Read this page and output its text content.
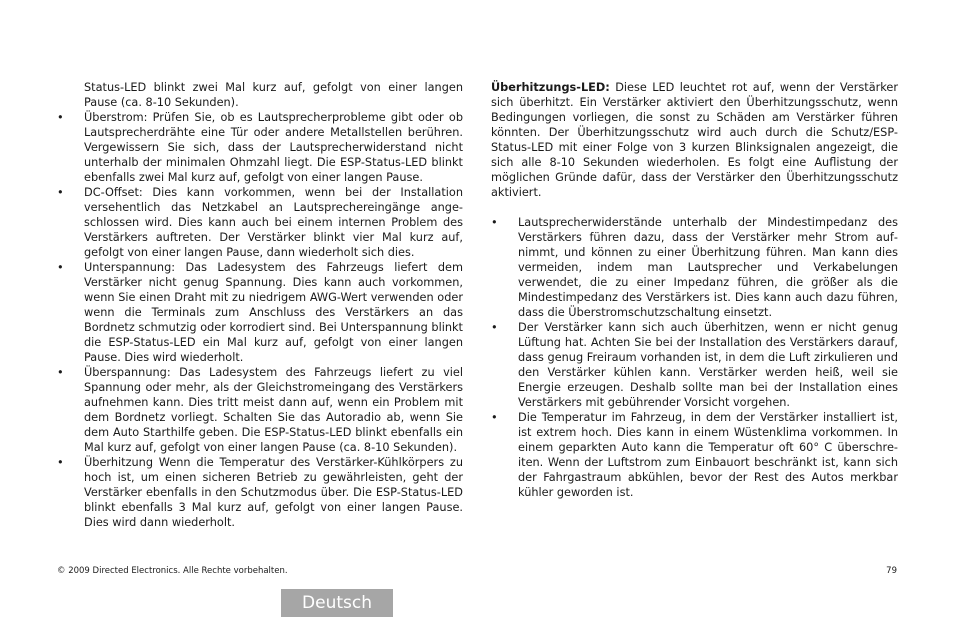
Status-LED blinkt zwei Mal kurz auf, gefolgt von einer langen Pause (ca. 8-10 Sekunden).
• Überstrom: Prüfen Sie, ob es Lautsprecherprobleme gibt oder ob Lautsprecherdrähte eine Tür oder andere Metallstellen berühren. Vergewissern Sie sich, dass der Lautsprecherwiderstand nicht unterhalb der minimalen Ohmzahl liegt. Die ESP-Status-LED blinkt ebenfalls zwei Mal kurz auf, gefolgt von einer langen Pause.
• DC-Offset: Dies kann vorkommen, wenn bei der Installation versehentlich das Netzkabel an Lautsprechereingänge angeschlossen wird. Dies kann auch bei einem internen Problem des Verstärkers auftreten. Der Verstärker blinkt vier Mal kurz auf, gefolgt von einer langen Pause, dann wiederholt sich dies.
• Unterspannung: Das Ladesystem des Fahrzeugs liefert dem Verstärker nicht genug Spannung. Dies kann auch vorkommen, wenn Sie einen Draht mit zu niedrigem AWG-Wert verwenden oder wenn die Terminals zum Anschluss des Verstärkers an das Bordnetz schmutzig oder korrodiert sind. Bei Unterspannung blinkt die ESP-Status-LED ein Mal kurz auf, gefolgt von einer langen Pause. Dies wird wiederholt.
• Überspannung: Das Ladesystem des Fahrzeugs liefert zu viel Spannung oder mehr, als der Gleichstromeingang des Verstärkers aufnehmen kann. Dies tritt meist dann auf, wenn ein Problem mit dem Bordnetz vorliegt. Schalten Sie das Autoradio ab, wenn Sie dem Auto Starthilfe geben. Die ESP-Status-LED blinkt ebenfalls ein Mal kurz auf, gefolgt von einer langen Pause (ca. 8-10 Sekunden).
• Überhitzung Wenn die Temperatur des Verstärker-Kühlkörpers zu hoch ist, um einen sicheren Betrieb zu gewährleisten, geht der Verstärker ebenfalls in den Schutzmodus über. Die ESP-Status-LED blinkt ebenfalls 3 Mal kurz auf, gefolgt von einer langen Pause. Dies wird dann wiederholt.
Überhitzungs-LED: Diese LED leuchtet rot auf, wenn der Verstärker sich überhitzt. Ein Verstärker aktiviert den Überhitzungsschutz, wenn Bedingungen vorliegen, die sonst zu Schäden am Verstärker führen könnten. Der Überhitzungsschutz wird auch durch die Schutz/ESP-Status-LED mit einer Folge von 3 kurzen Blinksignalen angezeigt, die sich alle 8-10 Sekunden wiederholen. Es folgt eine Auflistung der möglichen Gründe dafür, dass der Verstärker den Überhitzungsschutz aktiviert.
• Lautsprecherwiderstände unterhalb der Mindestimpedanz des Verstärkers führen dazu, dass der Verstärker mehr Strom aufnimmt, und können zu einer Überhitzung führen. Man kann dies vermeiden, indem man Lautsprecher und Verkabelungen verwendet, die zu einer Impedanz führen, die größer als die Mindestimpedanz des Verstärkers ist. Dies kann auch dazu führen, dass die Überstromschutzschaltung einsetzt.
• Der Verstärker kann sich auch überhitzen, wenn er nicht genug Lüftung hat. Achten Sie bei der Installation des Verstärkers darauf, dass genug Freiraum vorhanden ist, in dem die Luft zirkulieren und den Verstärker kühlen kann. Verstärker werden heiß, weil sie Energie erzeugen. Deshalb sollte man bei der Installation eines Verstärkers mit gebührender Vorsicht vorgehen.
• Die Temperatur im Fahrzeug, in dem der Verstärker installiert ist, ist extrem hoch. Dies kann in einem Wüstenklima vorkommen. In einem geparkten Auto kann die Temperatur oft 60° C überschreiten. Wenn der Luftstrom zum Einbauort beschränkt ist, kann sich der Fahrgastraum abkühlen, bevor der Rest des Autos merkbar kühler geworden ist.
© 2009 Directed Electronics. Alle Rechte vorbehalten.	79
Deutsch
